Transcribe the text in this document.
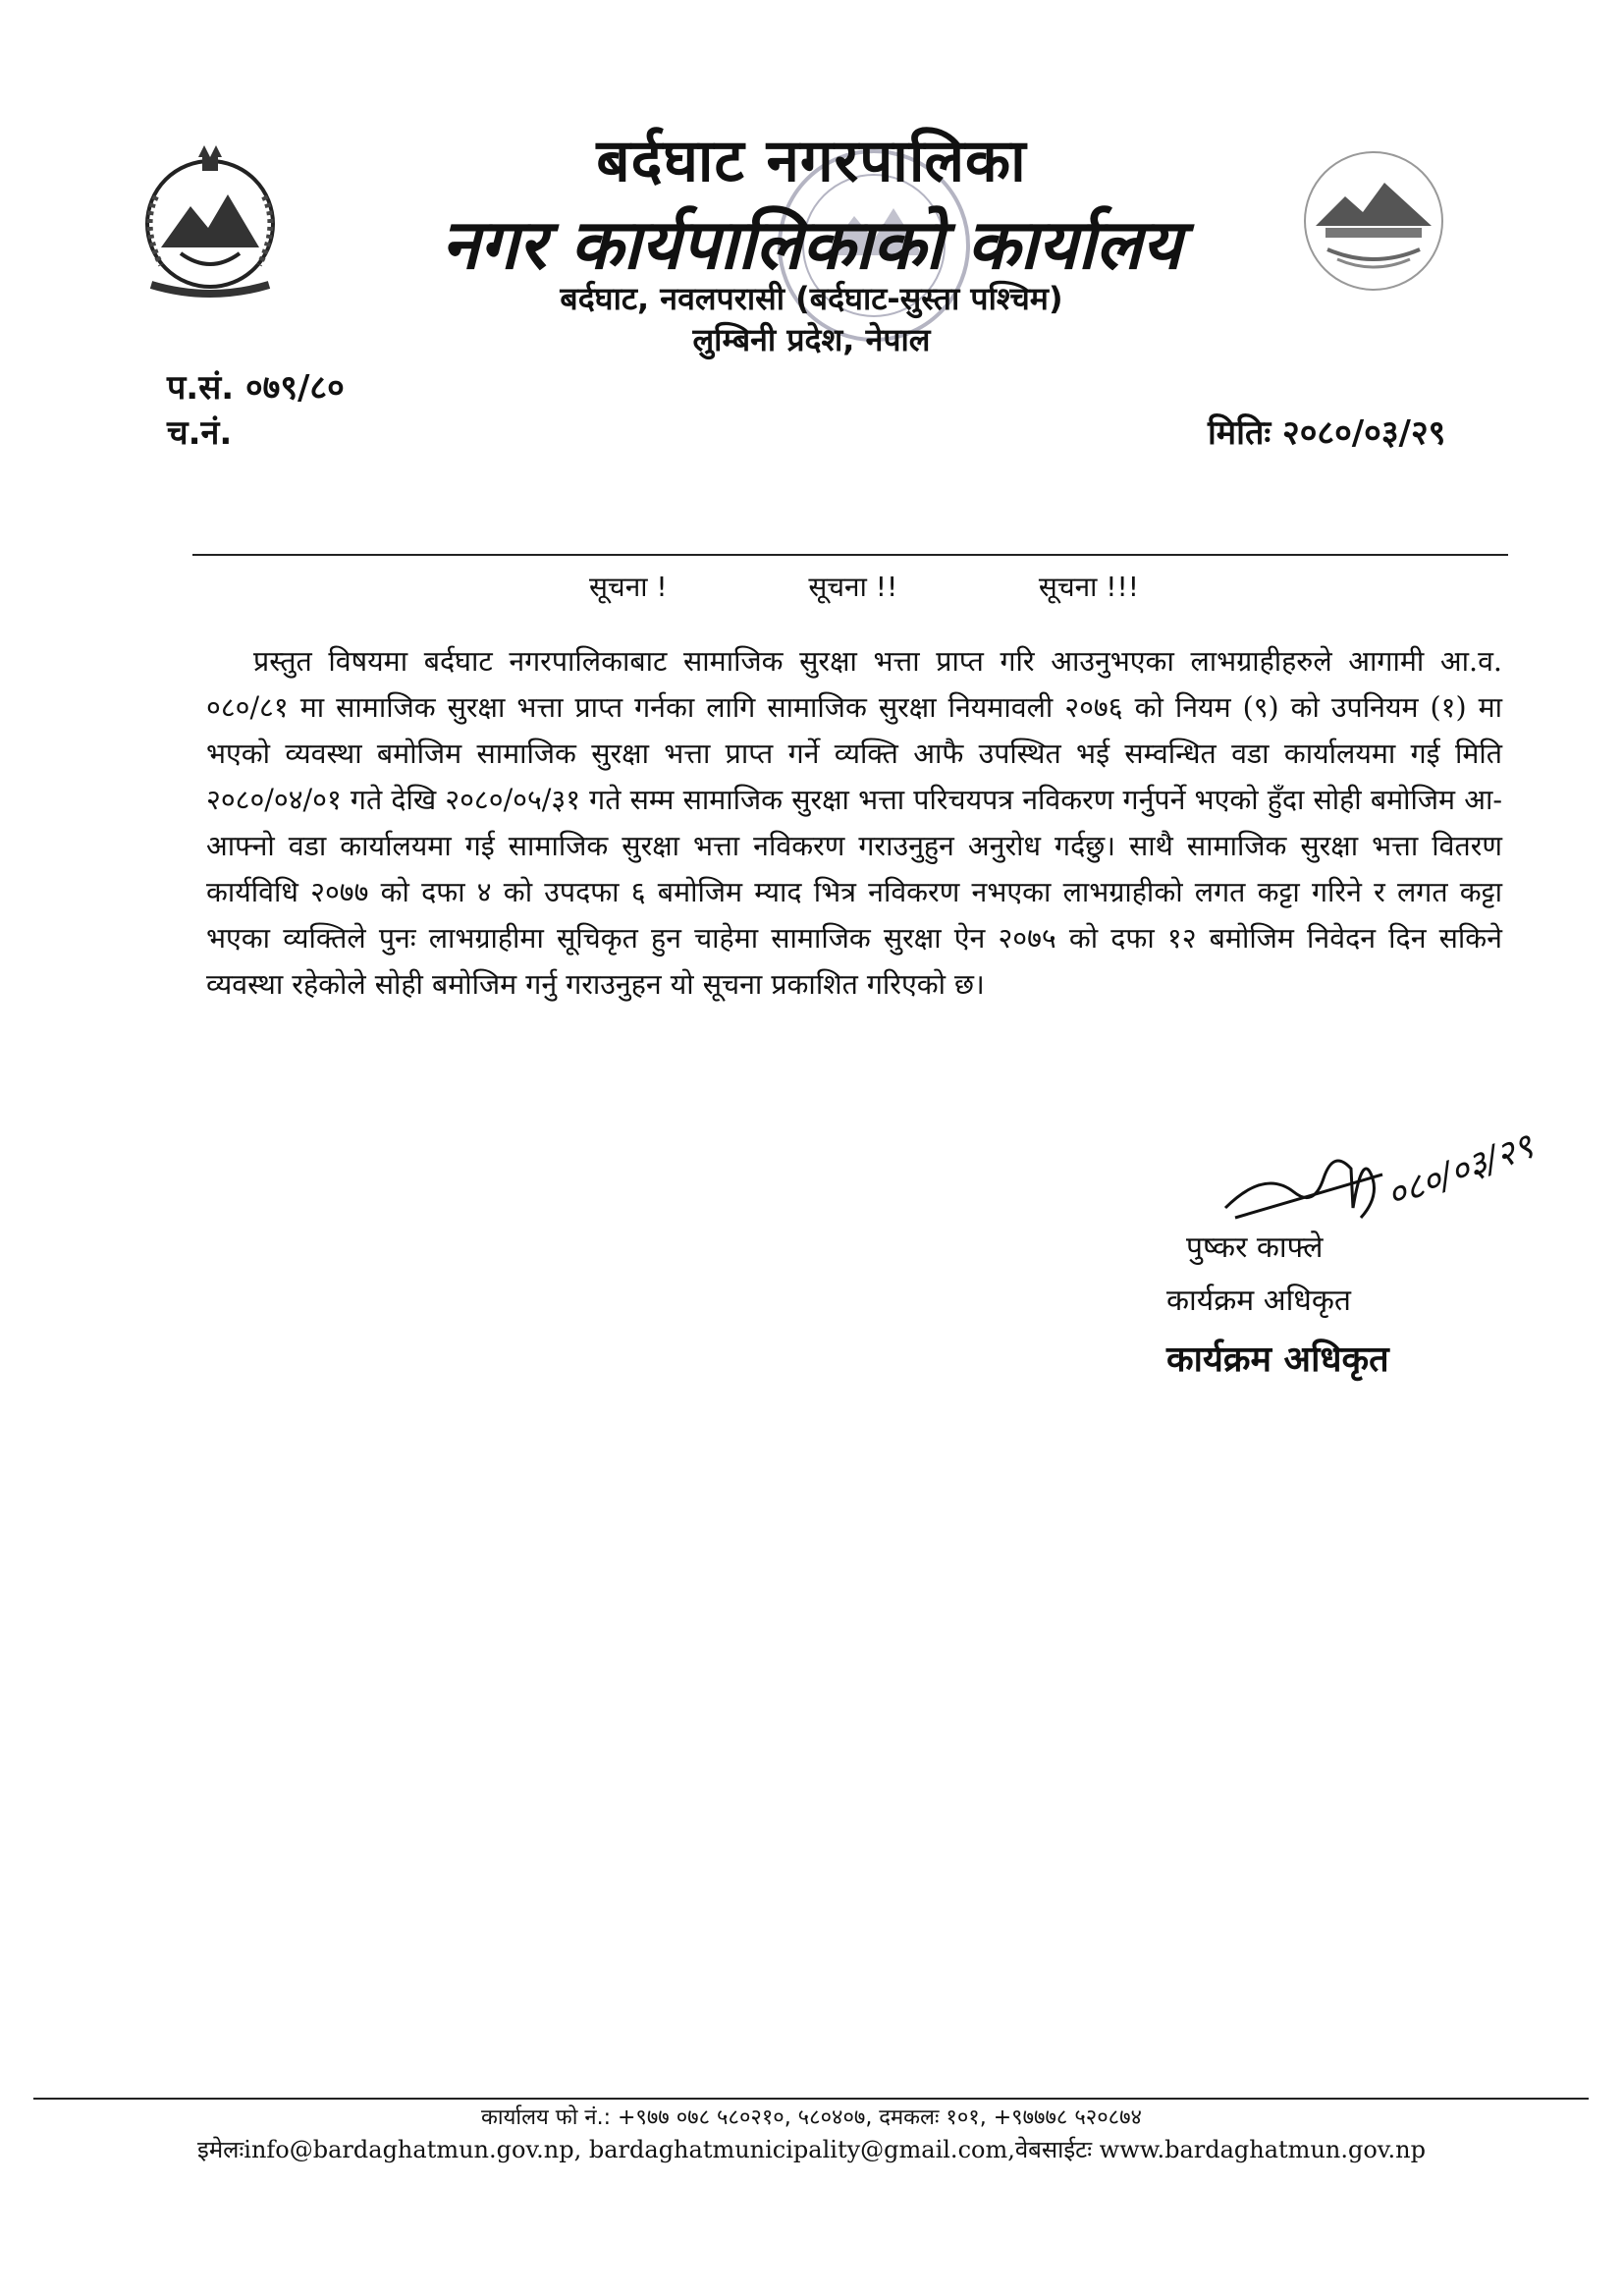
बर्दघाट नगरपालिका
नगर कार्यपालिकाको कार्यालय
बर्दघाट, नवलपरासी (बर्दघाट-सुस्ता पश्चिम)
लुम्बिनी प्रदेश, नेपाल
प.सं. ०७९/८०
च.नं.	मितिः २०८०/०३/२९
सूचना !	सूचना !!	सूचना !!!
प्रस्तुत विषयमा बर्दघाट नगरपालिकाबाट सामाजिक सुरक्षा भत्ता प्राप्त गरि आउनुभएका लाभग्राहीहरुले आगामी आ.व. ०८०/८१ मा सामाजिक सुरक्षा भत्ता प्राप्त गर्नका लागि सामाजिक सुरक्षा नियमावली २०७६ को नियम (९) को उपनियम (१) मा भएको व्यवस्था बमोजिम सामाजिक सुरक्षा भत्ता प्राप्त गर्ने व्यक्ति आफै उपस्थित भई सम्वन्धित वडा कार्यालयमा गई मिति २०८०/०४/०१ गते देखि २०८०/०५/३१ गते सम्म सामाजिक सुरक्षा भत्ता परिचयपत्र नविकरण गर्नुपर्ने भएको हुँदा सोही बमोजिम आ- आफ्नो वडा कार्यालयमा गई सामाजिक सुरक्षा भत्ता नविकरण गराउनुहुन अनुरोध गर्दछु। साथै सामाजिक सुरक्षा भत्ता वितरण कार्यविधि २०७७ को दफा ४ को उपदफा ६ बमोजिम म्याद भित्र नविकरण नभएका लाभग्राहीको लगत कट्टा गरिने र लगत कट्टा भएका व्यक्तिले पुनः लाभग्राहीमा सूचिकृत हुन चाहेमा सामाजिक सुरक्षा ऐन २०७५ को दफा १२ बमोजिम निवेदन दिन सकिने व्यवस्था रहेकोले सोही बमोजिम गर्नु गराउनुहन यो सूचना प्रकाशित गरिएको छ।
०८०/०३/२९
पुष्कर काफ्ले
कार्यक्रम अधिकृत
कार्यक्रम अधिकृत
कार्यालय फो नं.: +९७७ ०७८ ५८०२१०, ५८०४०७, दमकलः १०१, +९७७७८ ५२०८७४
इमेलःinfo@bardaghatmun.gov.np, bardaghatmunicipality@gmail.com,वेबसाईटः www.bardaghatmun.gov.np
